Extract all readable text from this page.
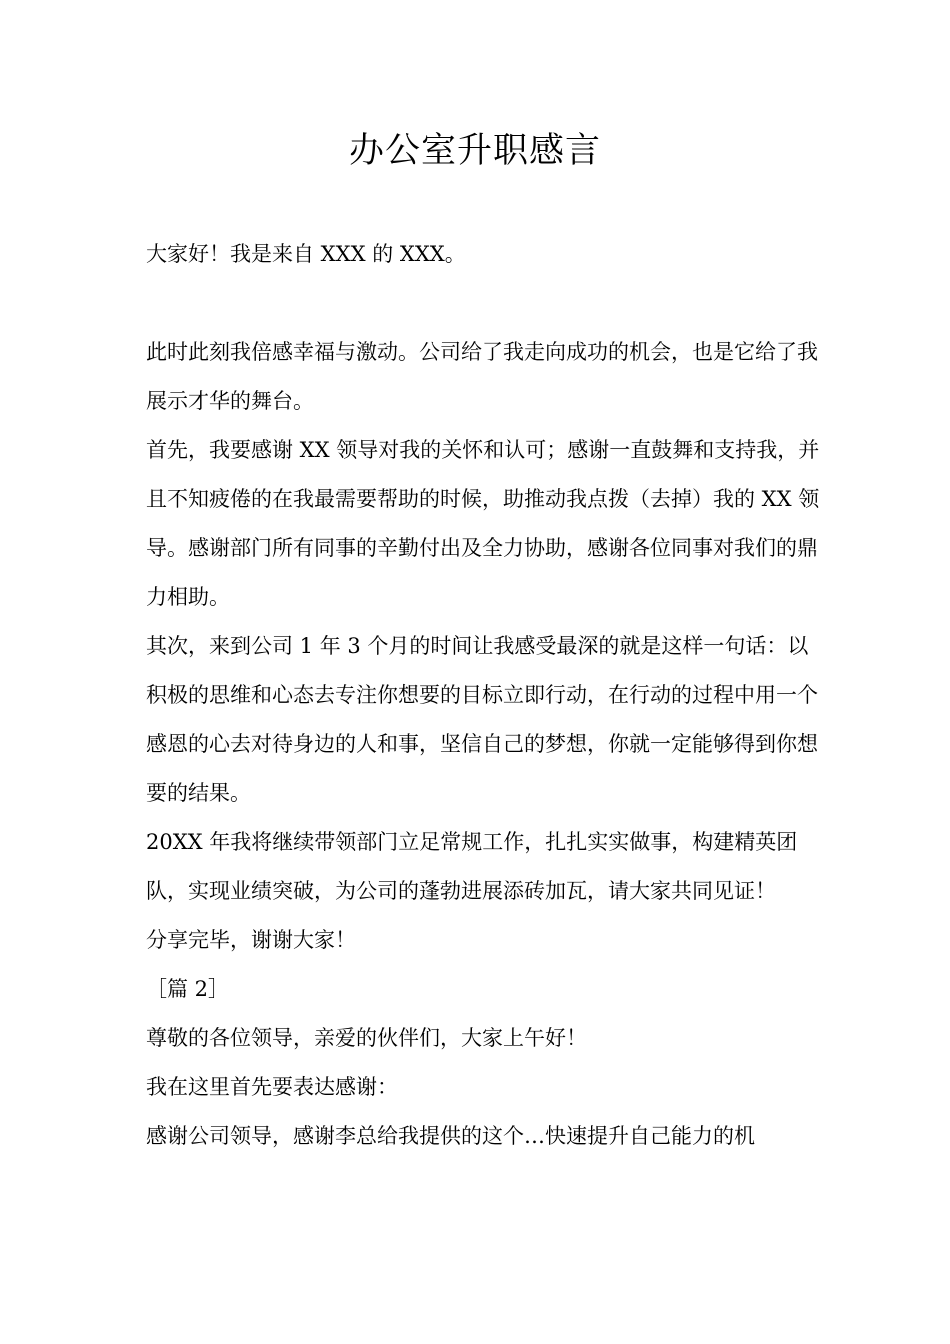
办公室升职感言

大家好！我是来自 XXX 的 XXX。

此时此刻我倍感幸福与激动。公司给了我走向成功的机会，也是它给了我展示才华的舞台。

首先，我要感谢 XX 领导对我的关怀和认可；感谢一直鼓舞和支持我，并且不知疲倦的在我最需要帮助的时候，助推动我点拨（去掉）我的 XX 领导。感谢部门所有同事的辛勤付出及全力协助，感谢各位同事对我们的鼎力相助。

其次，来到公司 1 年 3 个月的时间让我感受最深的就是这样一句话：以积极的思维和心态去专注你想要的目标立即行动，在行动的过程中用一个感恩的心去对待身边的人和事，坚信自己的梦想，你就一定能够得到你想要的结果。

20XX 年我将继续带领部门立足常规工作，扎扎实实做事，构建精英团队，实现业绩突破，为公司的蓬勃进展添砖加瓦，请大家共同见证！

分享完毕，谢谢大家！

［篇 2］

尊敬的各位领导，亲爱的伙伴们，大家上午好！

我在这里首先要表达感谢：

感谢公司领导，感谢李总给我提供的这个…快速提升自己能力的机
